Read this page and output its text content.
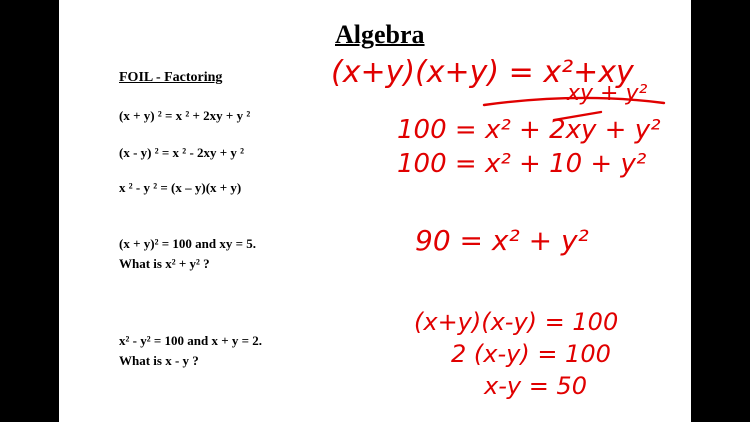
Algebra
FOIL - Factoring
(x + y) ² = x ² + 2xy + y ²
(x - y) ² = x ² - 2xy + y ²
x ² - y ² = (x – y)(x + y)
(x + y)² = 100 and xy = 5.
What is x² + y² ?
x² - y² = 100 and x + y = 2.
What is x - y ?
(x+y)(x+y) = x²+xy
xy + y²
100 = x² + 2xy + y²
100 = x² + 10 + y²
90 = x² + y²
(x+y)(x-y) = 100
2 (x-y) = 100
x-y = 50
